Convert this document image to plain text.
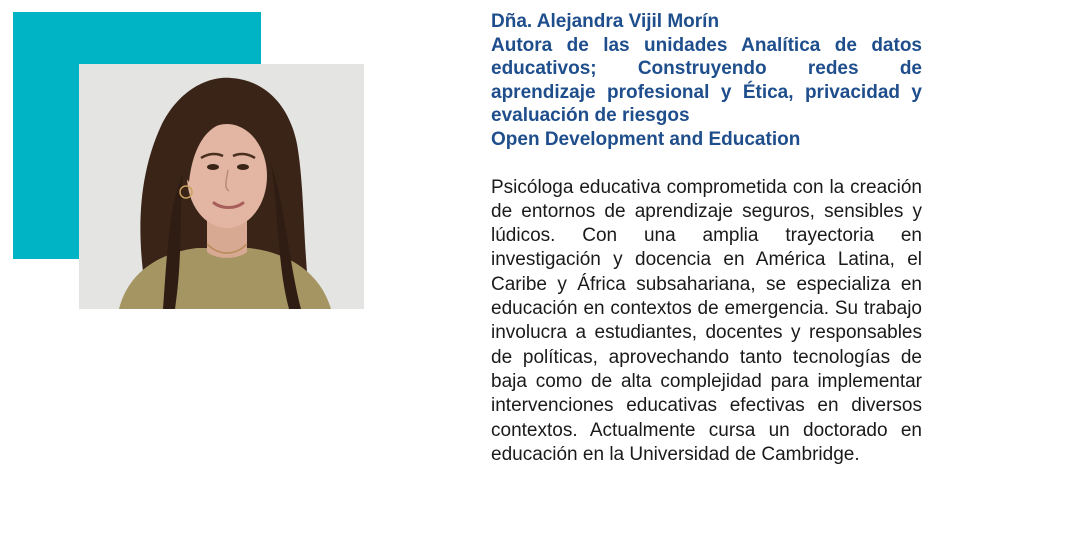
Dña. Alejandra Vijil Morín
Autora de las unidades Analítica de datos educativos; Construyendo redes de aprendizaje profesional y Ética, privacidad y evaluación de riesgos
Open Development and Education
Psicóloga educativa comprometida con la creación de entornos de aprendizaje seguros, sensibles y lúdicos. Con una amplia trayectoria en investigación y docencia en América Latina, el Caribe y África subsahariana, se especializa en educación en contextos de emergencia. Su trabajo involucra a estudiantes, docentes y responsables de políticas, aprovechando tanto tecnologías de baja como de alta complejidad para implementar intervenciones educativas efectivas en diversos contextos. Actualmente cursa un doctorado en educación en la Universidad de Cambridge.
